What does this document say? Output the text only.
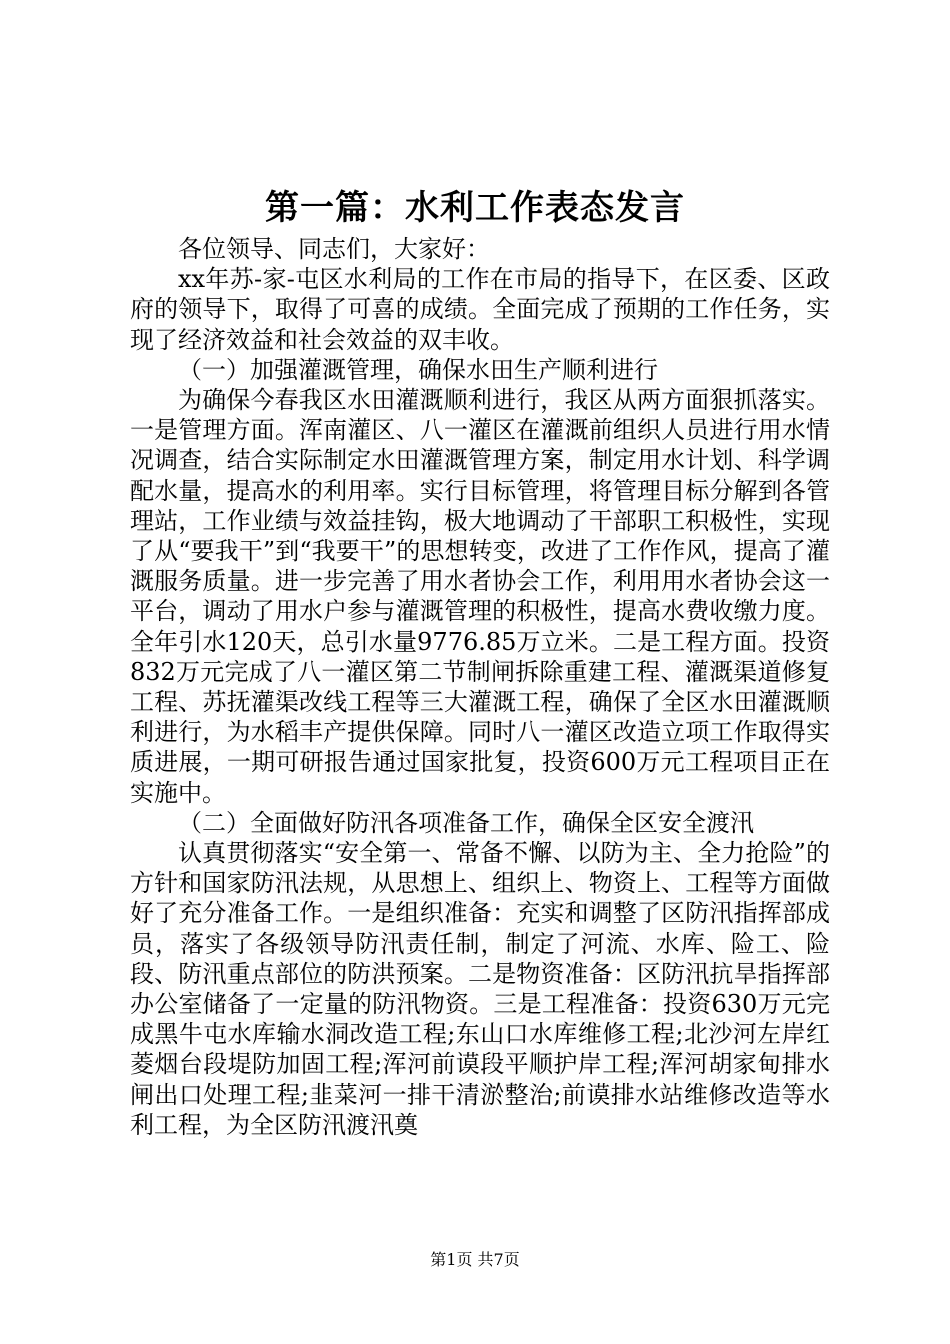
第一篇：水利工作表态发言

各位领导、同志们，大家好：

xx年苏-家-屯区水利局的工作在市局的指导下，在区委、区政府的领导下，取得了可喜的成绩。全面完成了预期的工作任务，实现了经济效益和社会效益的双丰收。

（一）加强灌溉管理，确保水田生产顺利进行

为确保今春我区水田灌溉顺利进行，我区从两方面狠抓落实。一是管理方面。浑南灌区、八一灌区在灌溉前组织人员进行用水情况调查，结合实际制定水田灌溉管理方案，制定用水计划、科学调配水量，提高水的利用率。实行目标管理，将管理目标分解到各管理站，工作业绩与效益挂钩，极大地调动了干部职工积极性，实现了从“要我干”到“我要干”的思想转变，改进了工作作风，提高了灌溉服务质量。进一步完善了用水者协会工作，利用用水者协会这一平台，调动了用水户参与灌溉管理的积极性，提高水费收缴力度。全年引水120天，总引水量9776.85万立米。二是工程方面。投资832万元完成了八一灌区第二节制闸拆除重建工程、灌溉渠道修复工程、苏抚灌渠改线工程等三大灌溉工程，确保了全区水田灌溉顺利进行，为水稻丰产提供保障。同时八一灌区改造立项工作取得实质进展，一期可研报告通过国家批复，投资600万元工程项目正在实施中。

（二）全面做好防汛各项准备工作，确保全区安全渡汛

认真贯彻落实“安全第一、常备不懈、以防为主、全力抢险”的方针和国家防汛法规，从思想上、组织上、物资上、工程等方面做好了充分准备工作。一是组织准备：充实和调整了区防汛指挥部成员，落实了各级领导防汛责任制，制定了河流、水库、险工、险段、防汛重点部位的防洪预案。二是物资准备：区防汛抗旱指挥部办公室储备了一定量的防汛物资。三是工程准备：投资630万元完成黑牛屯水库输水洞改造工程;东山口水库维修工程;北沙河左岸红菱烟台段堤防加固工程;浑河前谟段平顺护岸工程;浑河胡家甸排水闸出口处理工程;韭菜河一排干清淤整治;前谟排水站维修改造等水利工程，为全区防汛渡汛奠

第1页 共7页
